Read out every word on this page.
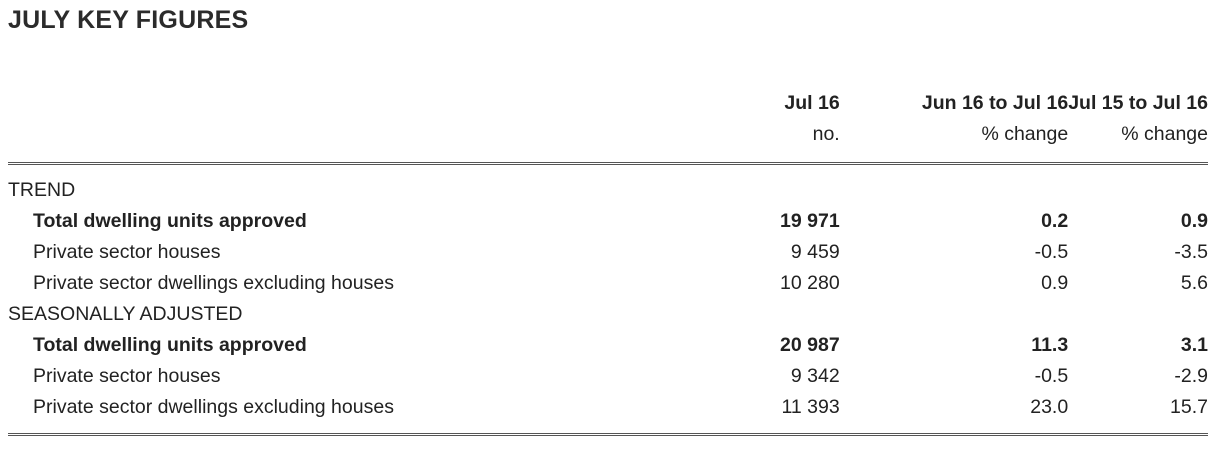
JULY KEY FIGURES
	Jul 16	Jun 16 to Jul 16	Jul 15 to Jul 16
	no.	% change	% change

TREND			
Total dwelling units approved	19 971	0.2	0.9
Private sector houses	9 459	-0.5	-3.5
Private sector dwellings excluding houses	10 280	0.9	5.6
SEASONALLY ADJUSTED			
Total dwelling units approved	20 987	11.3	3.1
Private sector houses	9 342	-0.5	-2.9
Private sector dwellings excluding houses	11 393	23.0	15.7
